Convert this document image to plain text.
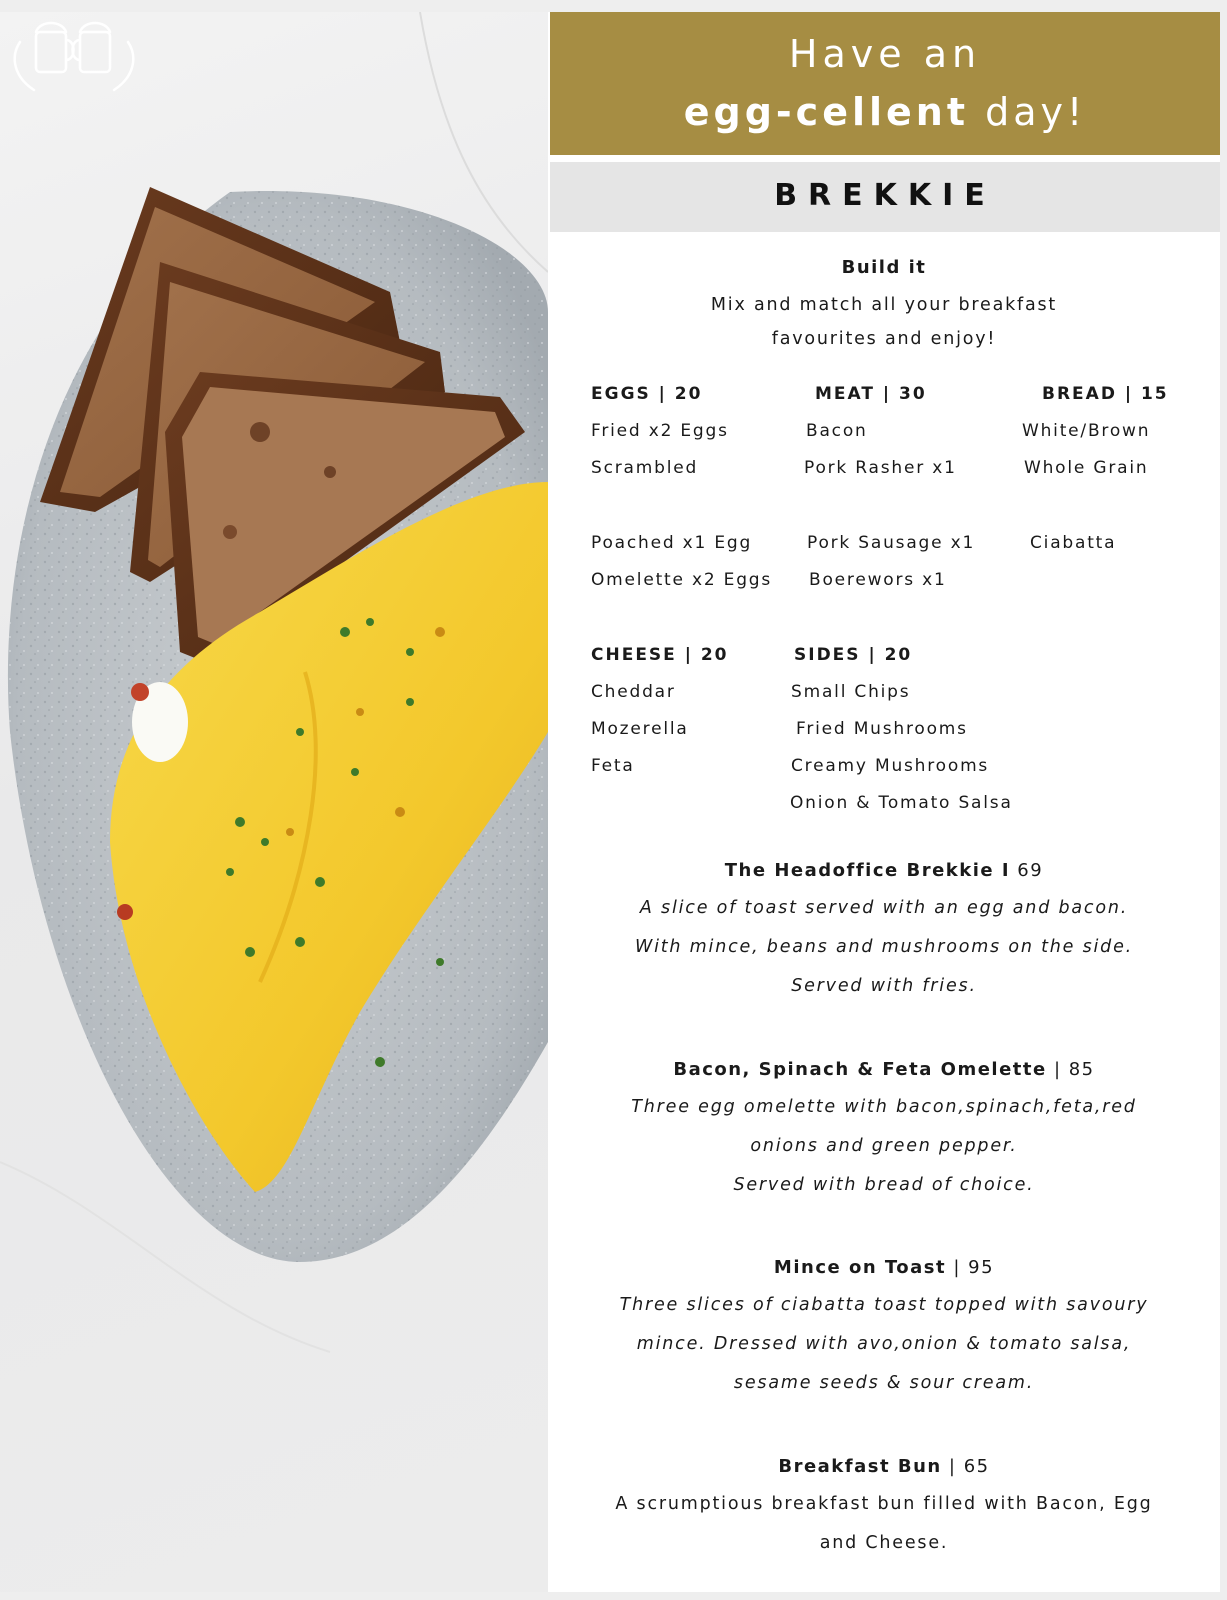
Have an
egg-cellent day!
BREKKIE
Build it
Mix and match all your breakfast
favourites and enjoy!
EGGS | 20
Fried x2 Eggs
Scrambled
Poached x1 Egg
Omelette x2 Eggs
MEAT | 30
Bacon
Pork Rasher x1
Pork Sausage x1
Boerewors x1
BREAD | 15
White/Brown
Whole Grain
Ciabatta
CHEESE | 20
Cheddar
Mozerella
Feta
SIDES | 20
Small Chips
Fried Mushrooms
Creamy Mushrooms
Onion & Tomato Salsa
The Headoffice Brekkie I 69
A slice of toast served with an egg and bacon.
With mince, beans and mushrooms on the side.
Served with fries.
Bacon, Spinach & Feta Omelette | 85
Three egg omelette with bacon,spinach,feta,red
onions and green pepper.
Served with bread of choice.
Mince on Toast | 95
Three slices of ciabatta toast topped with savoury
mince. Dressed with avo,onion & tomato salsa,
sesame seeds & sour cream.
Breakfast Bun | 65
A scrumptious breakfast bun filled with Bacon, Egg
and Cheese.
